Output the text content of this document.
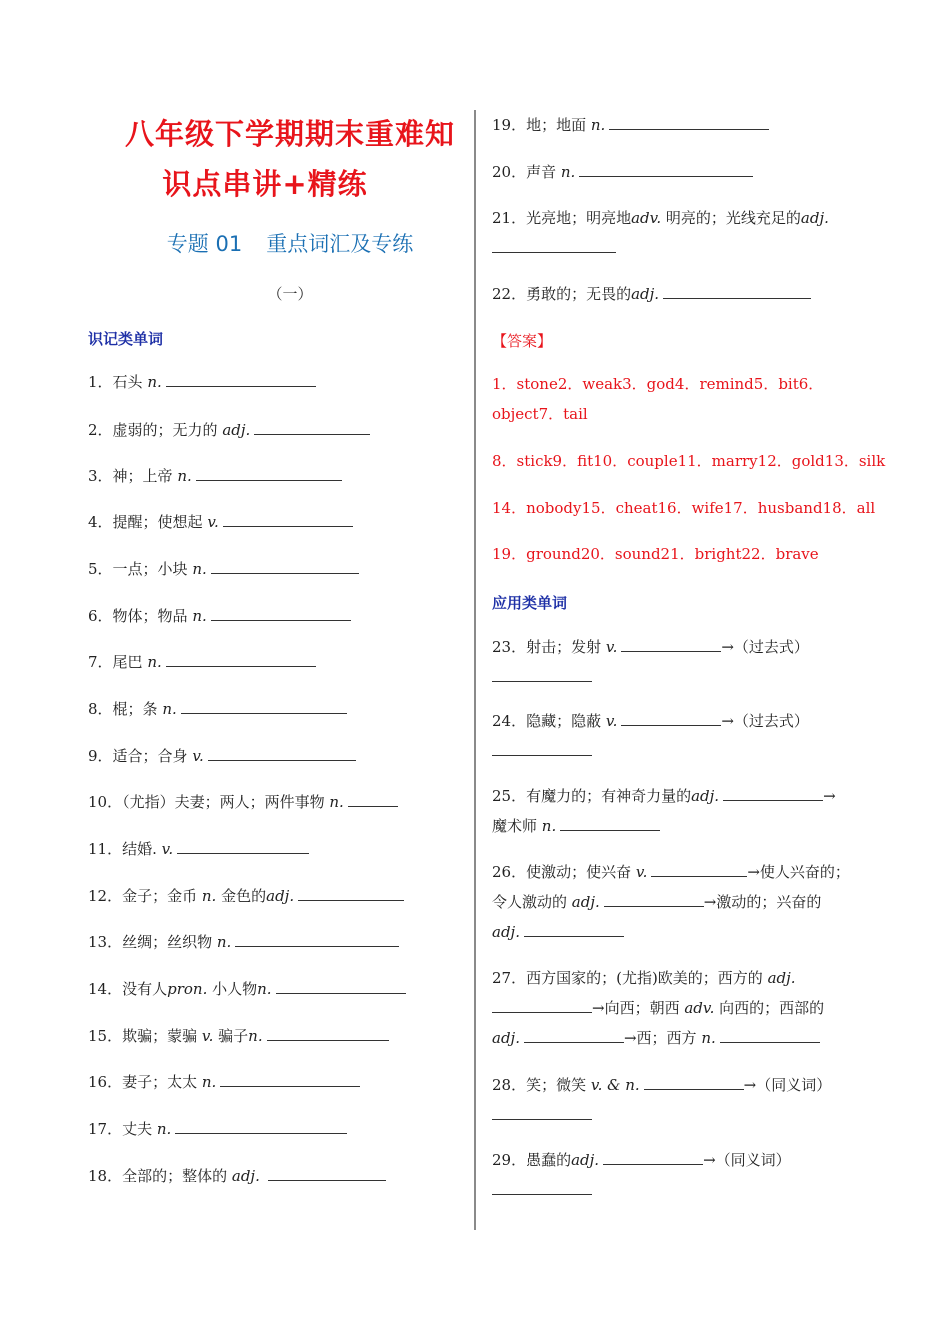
八年级下学期期末重难知
识点串讲+精练
专题 01 重点词汇及专练
（一）
识记类单词
1．石头 n.
2．虚弱的；无力的 adj.
3．神；上帝 n.
4．提醒；使想起 v.
5．一点；小块 n.
6．物体；物品 n.
7．尾巴 n.
8．棍；条 n.
9．适合；合身 v.
10．（尤指）夫妻；两人；两件事物 n.
11．结婚. v.
12．金子；金币 n. 金色的adj.
13．丝绸；丝织物 n.
14．没有人pron. 小人物n.
15．欺骗；蒙骗 v. 骗子n.
16．妻子；太太 n.
17．丈夫 n.
18．全部的；整体的 adj.
19．地；地面 n.
20．声音 n.
21．光亮地；明亮地adv. 明亮的；光线充足的adj.
22．勇敢的；无畏的adj.
【答案】
1．stone2．weak3．god4．remind5．bit6．
object7．tail
8．stick9．fit10．couple11．marry12．gold13．silk
14．nobody15．cheat16．wife17．husband18．all
19．ground20．sound21．bright22．brave
应用类单词
23．射击；发射 v.	→（过去式）
24．隐藏；隐蔽 v.	→（过去式）
25．有魔力的；有神奇力量的adj.	→
魔术师 n.
26．使激动；使兴奋 v.	→使人兴奋的；
令人激动的 adj.	→激动的；兴奋的
adj.
27．西方国家的；(尤指)欧美的；西方的 adj.
→向西；朝西 adv. 向西的；西部的
adj.	→西；西方 n.
28．笑；微笑 v. & n.	→（同义词）
29．愚蠢的adj.	→（同义词）
